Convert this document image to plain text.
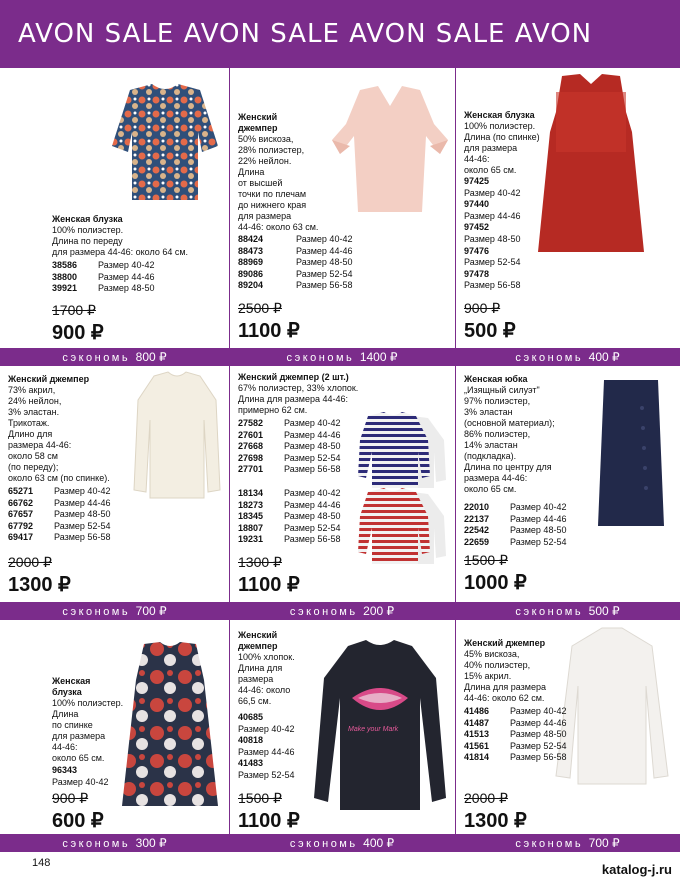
AVON SALE AVON SALE AVON SALE AVON
148	katalog-j.ru
Женская блузка
100% полиэстер.
Длина по переду
для размера 44-46: около 64 см.
38586 Размер 40-42
38800 Размер 44-46
39921 Размер 48-50
1700 ₽
900 ₽
Женский
джемпер
50% вискоза,
28% полиэстер,
22% нейлон.
Длина
от высшей
точки по плечам
до нижнего края
для размера
44-46: около 63 см.
88424	Размер 40-42
88473	Размер 44-46
88969	Размер 48-50
89086	Размер 52-54
89204	Размер 56-58
2500 ₽
1100 ₽
Женская блузка
100% полиэстер.
Длина (по спинке)
для размера
44-46:
около 65 см.
97425
Размер 40-42
97440
Размер 44-46
97452
Размер 48-50
97476
Размер 52-54
97478
Размер 56-58
900 ₽
500 ₽
сэкономь 800 ₽	сэкономь 1400 ₽	сэкономь 400 ₽
Женский джемпер
73% акрил,
24% нейлон,
3% эластан.
Трикотаж.
Длино для
размера 44-46:
около 58 см
(по переду);
около 63 см (по спинке).
65271 Размер 40-42
66762 Размер 44-46
67657 Размер 48-50
67792 Размер 52-54
69417 Размер 56-58
2000 ₽
1300 ₽
Женский джемпер (2 шт.)
67% полиэстер, 33% хлопок.
Длина для размера 44-46:
примерно 62 см.
27582 Размер 40-42
27601 Размер 44-46
27668 Размер 48-50
27698 Размер 52-54
27701 Размер 56-58
18134 Размер 40-42
18273 Размер 44-46
18345 Размер 48-50
18807 Размер 52-54
19231 Размер 56-58
1300 ₽
1100 ₽
Женская юбка
„Изящный силуэт"
97% полиэстер,
3% эластан
(основной материал);
86% полиэстер,
14% эластан
(подкладка).
Длина по центру для
размера 44-46:
около 65 см.
22010 Размер 40-42
22137 Размер 44-46
22542 Размер 48-50
22659 Размер 52-54
1500 ₽
1000 ₽
сэкономь 700 ₽	сэкономь 200 ₽	сэкономь 500 ₽
Женская
блузка
100% полиэстер.
Длина
по спинке
для размера
44-46:
около 65 см.
96343
Размер 40-42
900 ₽
600 ₽
Make your Mark
Женский
джемпер
100% хлопок.
Длина для
размера
44-46: около
66,5 см.
40685
Размер 40-42
40818
Размер 44-46
41483
Размер 52-54
1500 ₽
1100 ₽
Женский джемпер
45% вискоза,
40% полиэстер,
15% акрил.
Длина для размера
44-46: около 62 см.
41486 Размер 40-42
41487 Размер 44-46
41513 Размер 48-50
41561 Размер 52-54
41814 Размер 56-58
2000 ₽
1300 ₽
сэкономь 300 ₽	сэкономь 400 ₽	сэкономь 700 ₽
